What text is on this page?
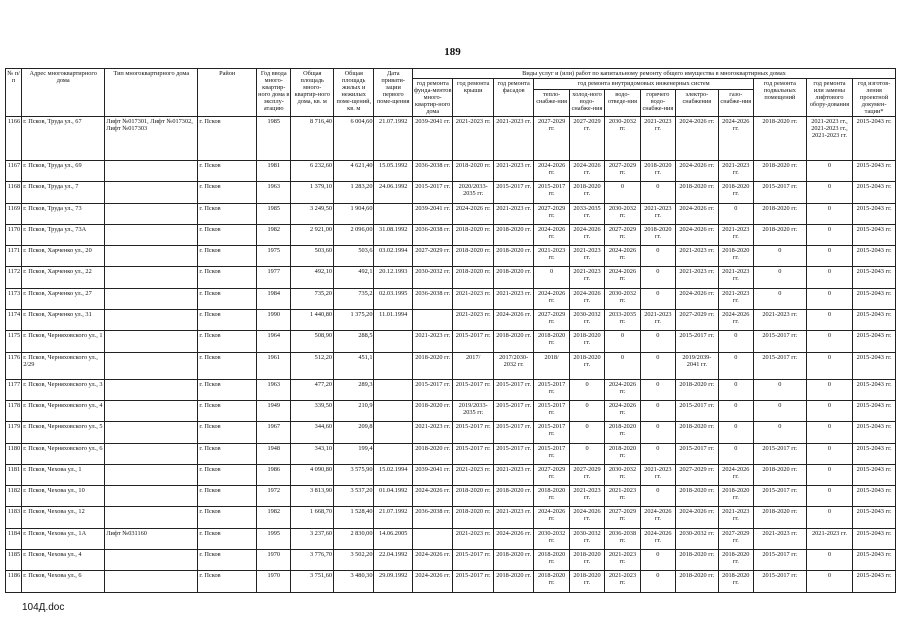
189
№ п/п	Адрес многоквартирного дома	Тип многоквартирного дома	Район	Год ввода много-квартир-ного дома в эксплу-атацию	Общая площадь много-квартир-ного дома, кв. м	Общая площадь жилых и нежилых поме-щений, кв. м	Дата привати-зации первого поме-щения	Виды услуг и (или) работ по капитальному ремонту общего имущества в многоквартирных домах											
								год ремонта фунда-ментов много-квартир-ного дома	год ремонта крыши	год ремонта фасадов	год ремонта внутридомовых инженерных систем						год ремонта подвальных помещений	год ремонта или замены лифтового обору-дования	год изготов-ления проектной докумен-тации*
											тепло-снабже-ния	холод-ного водо-снабже-ния	водо-отведе-ния	горячего водо-снабже-ния	электро-снабжения	газо-снабже-ния			
1166	г. Псков, Труда ул., 67	Лифт №017301, Лифт №017302, Лифт №017303	г. Псков	1985	8 716,40	6 004,60	21.07.1992	2039-2041 гг.	2021-2023 гг.	2021-2023 гг.	2027-2029 гг.	2027-2029 гг.	2030-2032 гг.	2021-2023 гг.	2024-2026 гг.	2024-2026 гг.	2018-2020 гг.	2021-2023 гг., 2021-2023 гг., 2021-2023 гг.	2015-2043 гг.
1167	г. Псков, Труда ул., 69		г. Псков	1981	6 232,60	4 621,40	15.05.1992	2036-2038 гг.	2018-2020 гг.	2021-2023 гг.	2024-2026 гг.	2024-2026 гг.	2027-2029 гг.	2018-2020 гг.	2024-2026 гг.	2021-2023 гг.	2018-2020 гг.	0	2015-2043 гг.
1168	г. Псков, Труда ул., 7		г. Псков	1963	1 379,10	1 283,20	24.06.1992	2015-2017 гг.	2020/2033-2035 гг.	2015-2017 гг.	2015-2017 гг.	2018-2020 гг.	0	0	2018-2020 гг.	2018-2020 гг.	2015-2017 гг.	0	2015-2043 гг.
1169	г. Псков, Труда ул., 73		г. Псков	1985	3 249,50	1 904,60		2039-2041 гг.	2024-2026 гг.	2021-2023 гг.	2027-2029 гг.	2033-2035 гг.	2030-2032 гг.	2021-2023 гг.	2024-2026 гг.	0	2018-2020 гг.	0	2015-2043 гг.
1170	г. Псков, Труда ул., 73А		г. Псков	1982	2 921,00	2 096,00	31.08.1992	2036-2038 гг.	2018-2020 гг.	2018-2020 гг.	2024-2026 гг.	2024-2026 гг.	2027-2029 гг.	2018-2020 гг.	2024-2026 гг.	2021-2023 гг.	2018-2020 гг.	0	2015-2043 гг.
1171	г. Псков, Харченко ул., 20		г. Псков	1975	503,60	503,6	03.02.1994	2027-2029 гг.	2018-2020 гг.	2018-2020 гг.	2021-2023 гг.	2021-2023 гг.	2024-2026 гг.	0	2021-2023 гг.	2018-2020 гг.	0	0	2015-2043 гг.
1172	г. Псков, Харченко ул., 22		г. Псков	1977	492,10	492,1	20.12.1993	2030-2032 гг.	2018-2020 гг.	2018-2020 гг.	0	2021-2023 гг.	2024-2026 гг.	0	2021-2023 гг.	2021-2023 гг.	0	0	2015-2043 гг.
1173	г. Псков, Харченко ул., 27		г. Псков	1984	735,20	735,2	02.03.1995	2036-2038 гг.	2021-2023 гг.	2021-2023 гг.	2024-2026 гг.	2024-2026 гг.	2030-2032 гг.	0	2024-2026 гг.	2021-2023 гг.	0	0	2015-2043 гг.
1174	г. Псков, Харченко ул., 31		г. Псков	1990	1 440,80	1 375,20	11.01.1994		2021-2023 гг.	2024-2026 гг.	2027-2029 гг.	2030-2032 гг.	2033-2035 гг.	2021-2023 гг.	2027-2029 гг.	2024-2026 гг.	2021-2023 гг.	0	2015-2043 гг.
1175	г. Псков, Черняховского ул., 1		г. Псков	1964	508,90	288,5		2021-2023 гг.	2015-2017 гг.	2018-2020 гг.	2018-2020 гг.	2018-2020 гг.	0	0	2015-2017 гг.	0	2015-2017 гг.	0	2015-2043 гг.
1176	г. Псков, Черняховского ул., 2/29		г. Псков	1961	512,20	451,1		2018-2020 гг.	2017/	2017/2030-2032 гг.	2018/	2018-2020 гг.	0	0	2019/2039-2041 гг.	0	2015-2017 гг.	0	2015-2043 гг.
1177	г. Псков, Черняховского ул., 3		г. Псков	1963	477,20	289,3		2015-2017 гг.	2015-2017 гг.	2015-2017 гг.	2015-2017 гг.	0	2024-2026 гг.	0	2018-2020 гг.	0	0	0	2015-2043 гг.
1178	г. Псков, Черняховского ул., 4		г. Псков	1949	339,50	210,9		2018-2020 гг.	2019/2033-2035 гг.	2015-2017 гг.	2015-2017 гг.	0	2024-2026 гг.	0	2015-2017 гг.	0	0	0	2015-2043 гг.
1179	г. Псков, Черняховского ул., 5		г. Псков	1967	344,60	209,8		2021-2023 гг.	2015-2017 гг.	2015-2017 гг.	2015-2017 гг.	0	2018-2020 гг.	0	2018-2020 гг.	0	0	0	2015-2043 гг.
1180	г. Псков, Черняховского ул., 6		г. Псков	1948	343,10	199,4		2018-2020 гг.	2015-2017 гг.	2015-2017 гг.	2015-2017 гг.	0	2018-2020 гг.	0	2015-2017 гг.	0	2015-2017 гг.	0	2015-2043 гг.
1181	г. Псков, Чехова ул., 1		г. Псков	1986	4 090,80	3 575,90	15.02.1994	2039-2041 гг.	2021-2023 гг.	2021-2023 гг.	2027-2029 гг.	2027-2029 гг.	2030-2032 гг.	2021-2023 гг.	2027-2029 гг.	2024-2026 гг.	2018-2020 гг.	0	2015-2043 гг.
1182	г. Псков, Чехова ул., 10		г. Псков	1972	3 813,90	3 537,20	01.04.1992	2024-2026 гг.	2018-2020 гг.	2018-2020 гг.	2018-2020 гг.	2021-2023 гг.	2021-2023 гг.	0	2018-2020 гг.	2018-2020 гг.	2015-2017 гг.	0	2015-2043 гг.
1183	г. Псков, Чехова ул., 12		г. Псков	1982	1 668,70	1 528,40	21.07.1992	2036-2038 гг.	2018-2020 гг.	2021-2023 гг.	2024-2026 гг.	2024-2026 гг.	2027-2029 гг.	2024-2026 гг.	2024-2026 гг.	2021-2023 гг.	2018-2020 гг.	0	2015-2043 гг.
1184	г. Псков, Чехова ул., 1А	Лифт №031160	г. Псков	1995	3 237,60	2 830,00	14.06.2005		2021-2023 гг.	2024-2026 гг.	2030-2032 гг.	2030-2032 гг.	2036-2038 гг.	2024-2026 гг.	2030-2032 гг.	2027-2029 гг.	2021-2023 гг.	2021-2023 гг.	2015-2043 гг.
1185	г. Псков, Чехова ул., 4		г. Псков	1970	3 776,70	3 502,20	22.04.1992	2024-2026 гг.	2015-2017 гг.	2018-2020 гг.	2018-2020 гг.	2018-2020 гг.	2021-2023 гг.	0	2018-2020 гг.	2018-2020 гг.	2015-2017 гг.	0	2015-2043 гг.
1186	г. Псков, Чехова ул., 6		г. Псков	1970	3 751,60	3 480,30	29.09.1992	2024-2026 гг.	2015-2017 гг.	2018-2020 гг.	2018-2020 гг.	2018-2020 гг.	2021-2023 гг.	0	2018-2020 гг.	2018-2020 гг.	2015-2017 гг.	0	2015-2043 гг.
104Д.doc
